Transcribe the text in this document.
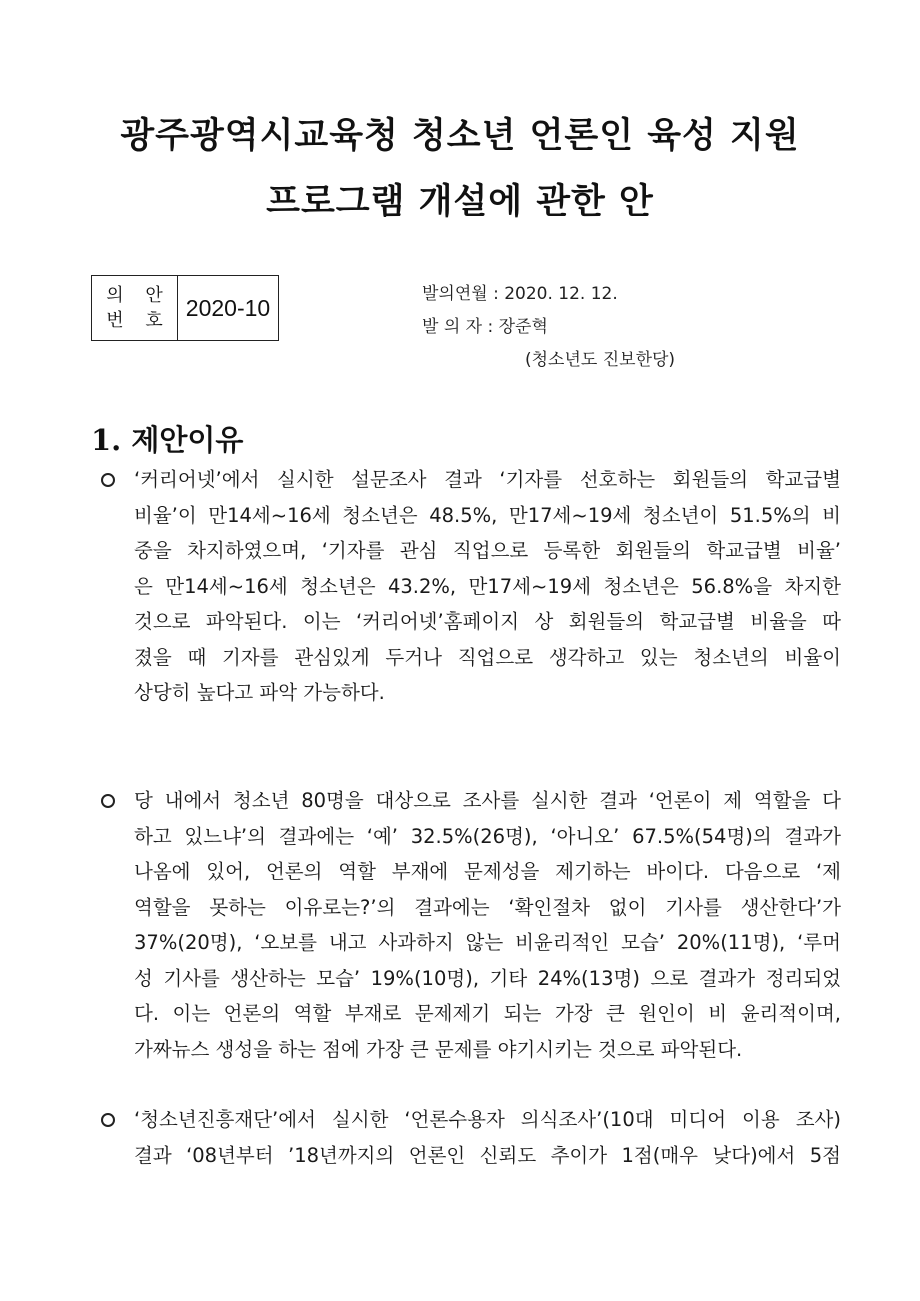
광주광역시교육청 청소년 언론인 육성 지원
프로그램 개설에 관한 안
의 안
번 호 2020-10
발의연월 : 2020. 12. 12.
발 의 자 : 장준혁
(청소년도 진보한당)
1. 제안이유
‘커리어넷’에서 실시한 설문조사 결과 ‘기자를 선호하는 회원들의 학교급별
비율’이 만14세~16세 청소년은 48.5%, 만17세~19세 청소년이 51.5%의 비
중을 차지하였으며, ‘기자를 관심 직업으로 등록한 회원들의 학교급별 비율’
은 만14세~16세 청소년은 43.2%, 만17세~19세 청소년은 56.8%을 차지한
것으로 파악된다. 이는 ‘커리어넷’홈페이지 상 회원들의 학교급별 비율을 따
졌을 때 기자를 관심있게 두거나 직업으로 생각하고 있는 청소년의 비율이
상당히 높다고 파악 가능하다.
당 내에서 청소년 80명을 대상으로 조사를 실시한 결과 ‘언론이 제 역할을 다
하고 있느냐’의 결과에는 ‘예’ 32.5%(26명), ‘아니오’ 67.5%(54명)의 결과가
나옴에 있어, 언론의 역할 부재에 문제성을 제기하는 바이다. 다음으로 ‘제
역할을 못하는 이유로는?’의 결과에는 ‘확인절차 없이 기사를 생산한다’가
37%(20명), ‘오보를 내고 사과하지 않는 비윤리적인 모습’ 20%(11명), ‘루머
성 기사를 생산하는 모습’ 19%(10명), 기타 24%(13명) 으로 결과가 정리되었
다. 이는 언론의 역할 부재로 문제제기 되는 가장 큰 원인이 비 윤리적이며,
가짜뉴스 생성을 하는 점에 가장 큰 문제를 야기시키는 것으로 파악된다.
‘청소년진흥재단’에서 실시한 ‘언론수용자 의식조사’(10대 미디어 이용 조사)
결과 ‘08년부터 ’18년까지의 언론인 신뢰도 추이가 1점(매우 낮다)에서 5점
